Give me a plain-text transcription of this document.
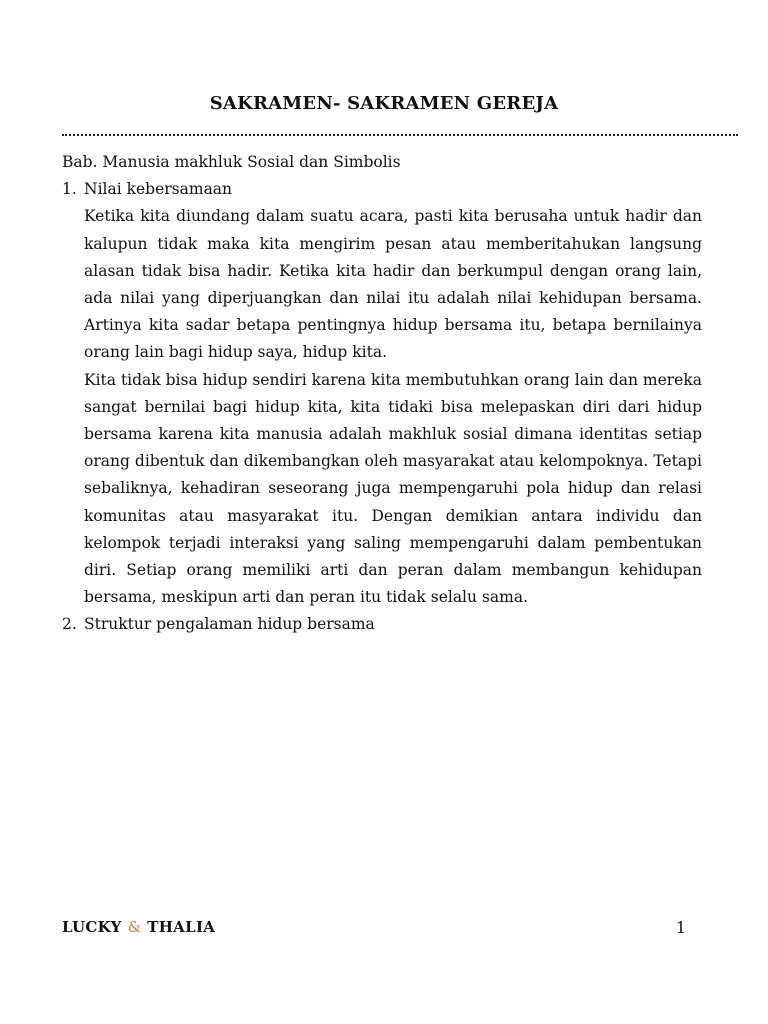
SAKRAMEN- SAKRAMEN GEREJA

Bab. Manusia makhluk Sosial dan Simbolis

1. Nilai kebersamaan

Ketika kita diundang dalam suatu acara, pasti kita berusaha untuk hadir dan kalupun tidak maka kita mengirim pesan atau memberitahukan langsung alasan tidak bisa hadir. Ketika kita hadir dan berkumpul dengan orang lain, ada nilai yang diperjuangkan dan nilai itu adalah nilai kehidupan bersama. Artinya kita sadar betapa pentingnya hidup bersama itu, betapa bernilainya orang lain bagi hidup saya, hidup kita.

Kita tidak bisa hidup sendiri karena kita membutuhkan orang lain dan mereka sangat bernilai bagi hidup kita, kita tidaki bisa melepaskan diri dari hidup bersama karena kita manusia adalah makhluk sosial dimana identitas setiap orang dibentuk dan dikembangkan oleh masyarakat atau kelompoknya. Tetapi sebaliknya, kehadiran seseorang juga mempengaruhi pola hidup dan relasi komunitas atau masyarakat itu. Dengan demikian antara individu dan kelompok terjadi interaksi yang saling mempengaruhi dalam pembentukan diri. Setiap orang memiliki arti dan peran dalam membangun kehidupan bersama, meskipun arti dan peran itu tidak selalu sama.

2. Struktur pengalaman hidup bersama

LUCKY & THALIA	1
